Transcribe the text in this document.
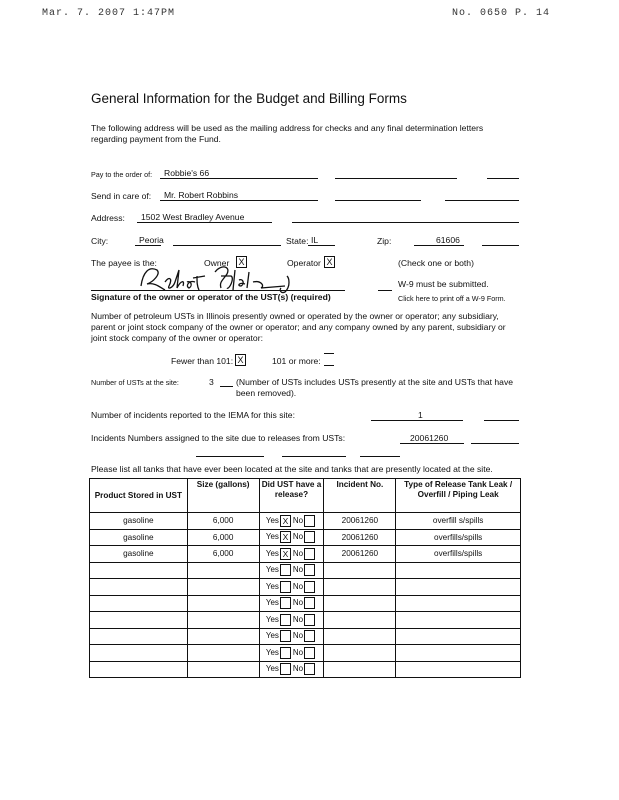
Mar. 7. 2007 1:47PM	No. 0650 P. 14
General Information for the Budget and Billing Forms
The following address will be used as the mailing address for checks and any final determination letters regarding payment from the Fund.
Pay to the order of: Robbie's 66
Send in care of: Mr. Robert Robbins
Address: 1502 West Bradley Avenue
City:	Peoria	State: IL	Zip:	61606
The payee is the:	Owner X	Operator X	(Check one or both)
W-9 must be submitted.
Signature of the owner or operator of the UST(s) (required)	Click here to print off a W-9 Form.
Number of petroleum USTs in Illinois presently owned or operated by the owner or operator; any subsidiary, parent or joint stock company of the owner or operator; and any company owned by any parent, subsidiary or joint stock company of the owner or operator:
Fewer than 101: X	101 or more:
Number of USTs at the site:	3	(Number of USTs includes USTs presently at the site and USTs that have been removed).
Number of incidents reported to the IEMA for this site:	1
Incidents Numbers assigned to the site due to releases from USTs:	20061260
Please list all tanks that have ever been located at the site and tanks that are presently located at the site.
Product Stored in UST	Size (gallons)	Did UST have a release?	Incident No.	Type of Release Tank Leak / Overfill / Piping Leak
gasoline	6,000	Yes X No	20061260	overfill s/spills
gasoline	6,000	Yes X No	20061260	overfills/spills
gasoline	6,000	Yes X No	20061260	overfills/spills
		Yes No		
		Yes No		
		Yes No		
		Yes No		
		Yes No		
		Yes No		
		Yes No		
